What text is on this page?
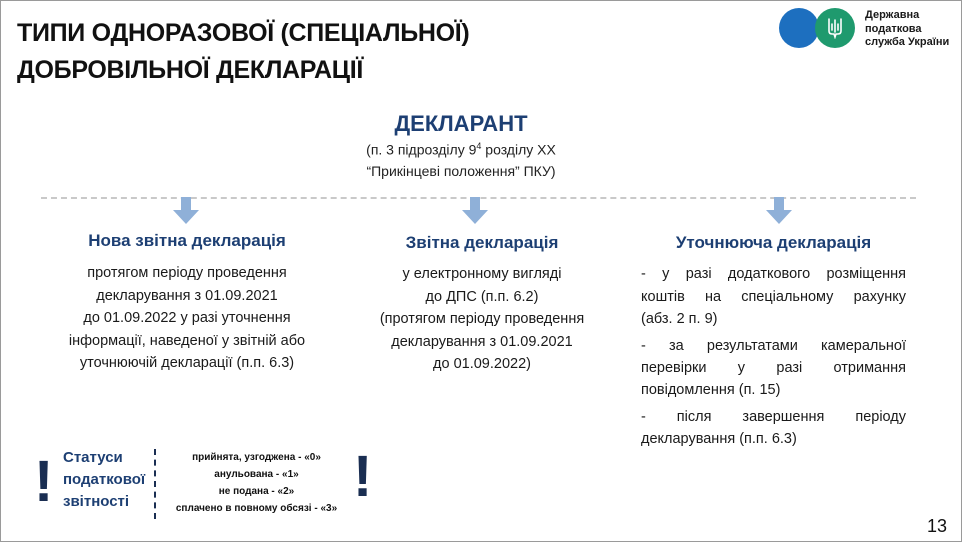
ТИПИ ОДНОРАЗОВОЇ (СПЕЦІАЛЬНОЇ)
ДОБРОВІЛЬНОЇ ДЕКЛАРАЦІЇ
Державна
податкова
служба України
ДЕКЛАРАНТ
(п. 3 підрозділу $9^4$ розділу XX
“Прикінцеві положення” ПКУ)
Нова звітна декларація
протягом періоду проведення
декларування з 01.09.2021
до 01.09.2022 у разі уточнення
інформації, наведеної у звітній або
уточнюючій декларації (п.п. 6.3)
Звітна декларація
у електронному вигляді
до ДПС (п.п. 6.2)
(протягом періоду проведення
декларування з 01.09.2021
до 01.09.2022)
Уточнююча декларація
- у разі додаткового розміщення
коштів на спеціальному рахунку
(абз. 2 п. 9)
- за результатами камеральної
перевірки у разі отримання
повідомлення (п. 15)
- після завершення періоду
декларування (п.п. 6.3)
! Статуси
податкової
звітності
прийнята, узгоджена - «0»
анульована - «1»
не подана - «2»
сплачено в повному обсязі - «3» !
13
